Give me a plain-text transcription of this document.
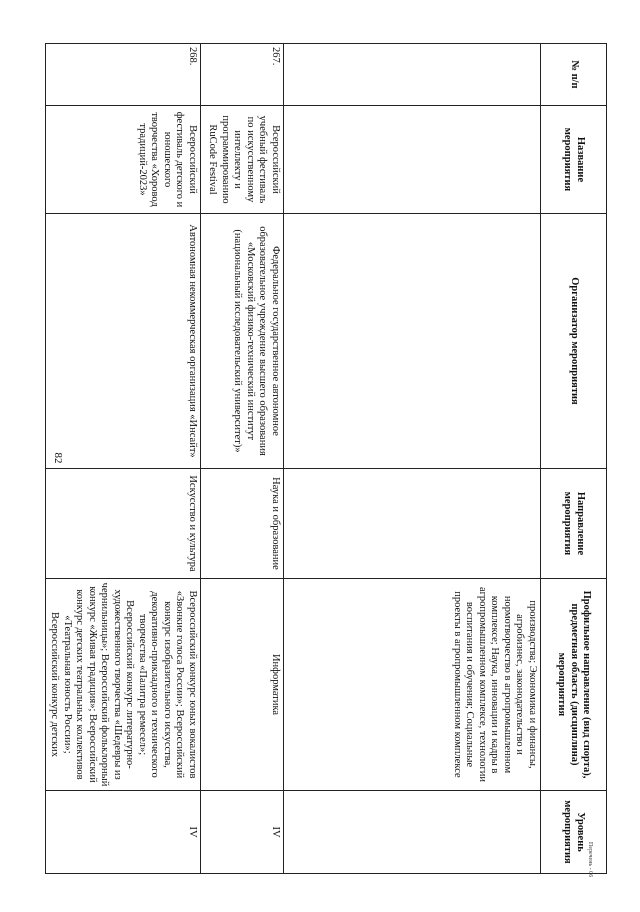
82
№ п/п	Название мероприятия	Организатор мероприятия	Направление мероприятия	Профильное направление (вид спорта), предметная область (дисциплина) мероприятия	Уровень мероприятия
				производства; Экономика и финансы, агробизнес, законодательство и нормотворчество в агропромышленном комплексе; Наука, инновации и кадры в агропромышленном комплексе, технологии воспитания и обучения; Социальные проекты в агропромышленном комплексе	
267.	Всероссийский учебный фестиваль по искусственному интеллекту и программированию RuCode Festival	Федеральное государственное автономное образовательное учреждение высшего образования «Московский физико-технический институт (национальный исследовательский университет)»	Наука и образование	Информатика	IV
268.	Всероссийский фестиваль детского и юношеского творчества «Хоровод традиций-2023»	Автономная некоммерческая организация «Инсайт»	Искусство и культура	Всероссийский конкурс юных вокалистов «Звонкие голоса России»; Всероссийский конкурс изобразительного искусства, декоративно-прикладного и технического творчества «Палитра ремесел»; Всероссийский конкурс литературно-художественного творчества «Шедевры из чернильницы»; Всероссийский фольклорный конкурс «Живая традиция»; Всероссийский конкурс детских театральных коллективов «Театральная юность России»; Всероссийский конкурс детских	IV
Перечень - 06
